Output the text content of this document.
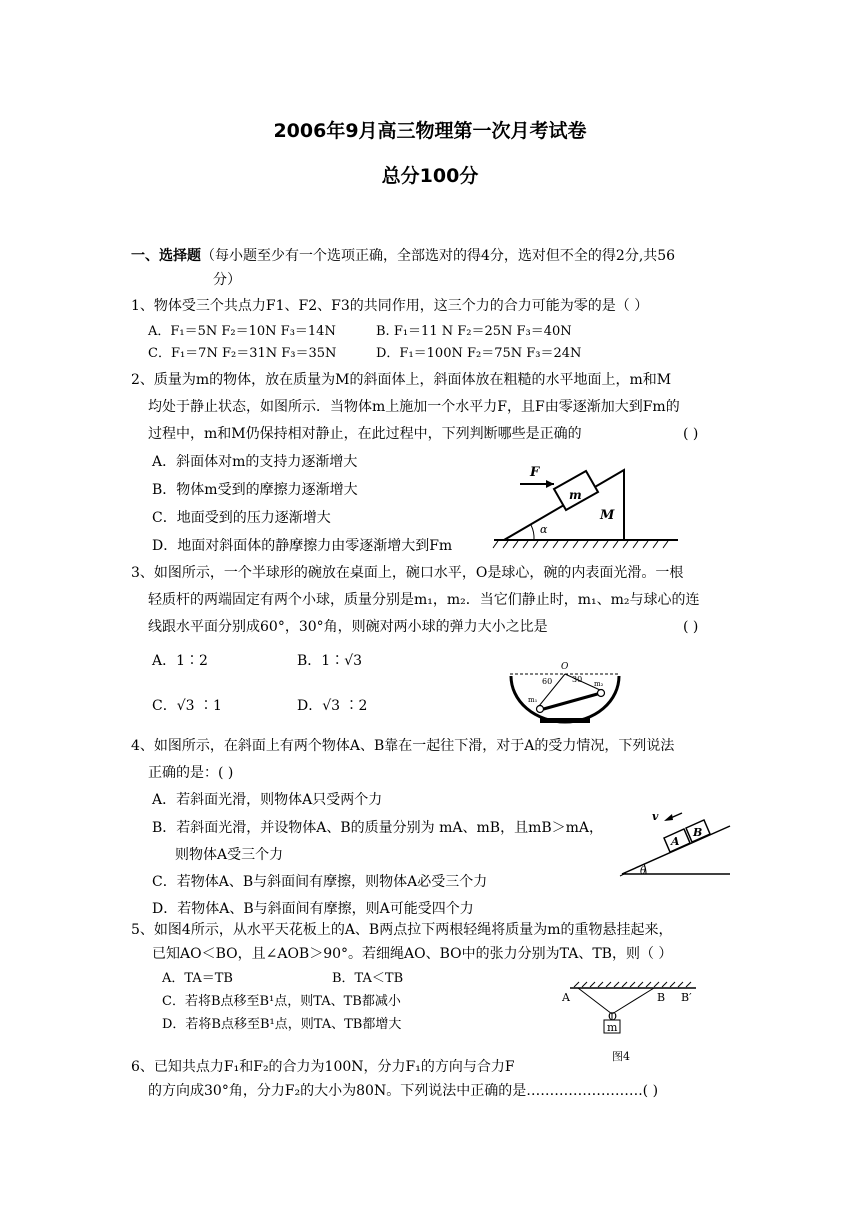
2006年9月高三物理第一次月考试卷
总分100分
一、选择题（每小题至少有一个选项正确，全部选对的得4分，选对但不全的得2分,共56
分）
1、物体受三个共点力F1、F2、F3的共同作用，这三个力的合力可能为零的是（ ）
A．F₁＝5N F₂＝10N F₃＝14N	B. F₁＝11 N F₂＝25N F₃＝40N
C．F₁＝7N F₂＝31N F₃＝35N	D．F₁＝100N F₂＝75N F₃＝24N
2、质量为m的物体，放在质量为M的斜面体上，斜面体放在粗糙的水平地面上，m和M
均处于静止状态，如图所示．当物体m上施加一个水平力F，且F由零逐渐加大到Fm的
过程中，m和M仍保持相对静止，在此过程中，下列判断哪些是正确的	( )
A．斜面体对m的支持力逐渐增大
B．物体m受到的摩擦力逐渐增大
C．地面受到的压力逐渐增大
D．地面对斜面体的静摩擦力由零逐渐增大到Fm
F
m
M
α
3、如图所示，一个半球形的碗放在桌面上，碗口水平，O是球心，碗的内表面光滑。一根
轻质杆的两端固定有两个小球，质量分别是m₁，m₂．当它们静止时，m₁、m₂与球心的连
线跟水平面分别成60°，30°角，则碗对两小球的弹力大小之比是	( )
A．1∶2	B．1∶√3
C．√3 ∶1	D．√3 ∶2
O
60 30
m₁
m₂
4、如图所示，在斜面上有两个物体A、B靠在一起往下滑，对于A的受力情况，下列说法
正确的是：( )
A．若斜面光滑，则物体A只受两个力
B．若斜面光滑，并设物体A、B的质量分别为 mA、mB，且mB＞mA，
则物体A受三个力
C．若物体A、B与斜面间有摩擦，则物体A必受三个力
D．若物体A、B与斜面间有摩擦，则A可能受四个力
v
A
B
θ
5、如图4所示，从水平天花板上的A、B两点拉下两根轻绳将质量为m的重物悬挂起来，
已知AO＜BO，且∠AOB＞90°。若细绳AO、BO中的张力分别为TA、TB，则（ ）
A．TA＝TB	B．TA＜TB
C．若将B点移至B¹点，则TA、TB都减小
D．若将B点移至B¹点，则TA、TB都增大
A	B B′
O
m
图4
6、已知共点力F₁和F₂的合力为100N，分力F₁的方向与合力F
的方向成30°角，分力F₂的大小为80N。下列说法中正确的是…………………….( )
